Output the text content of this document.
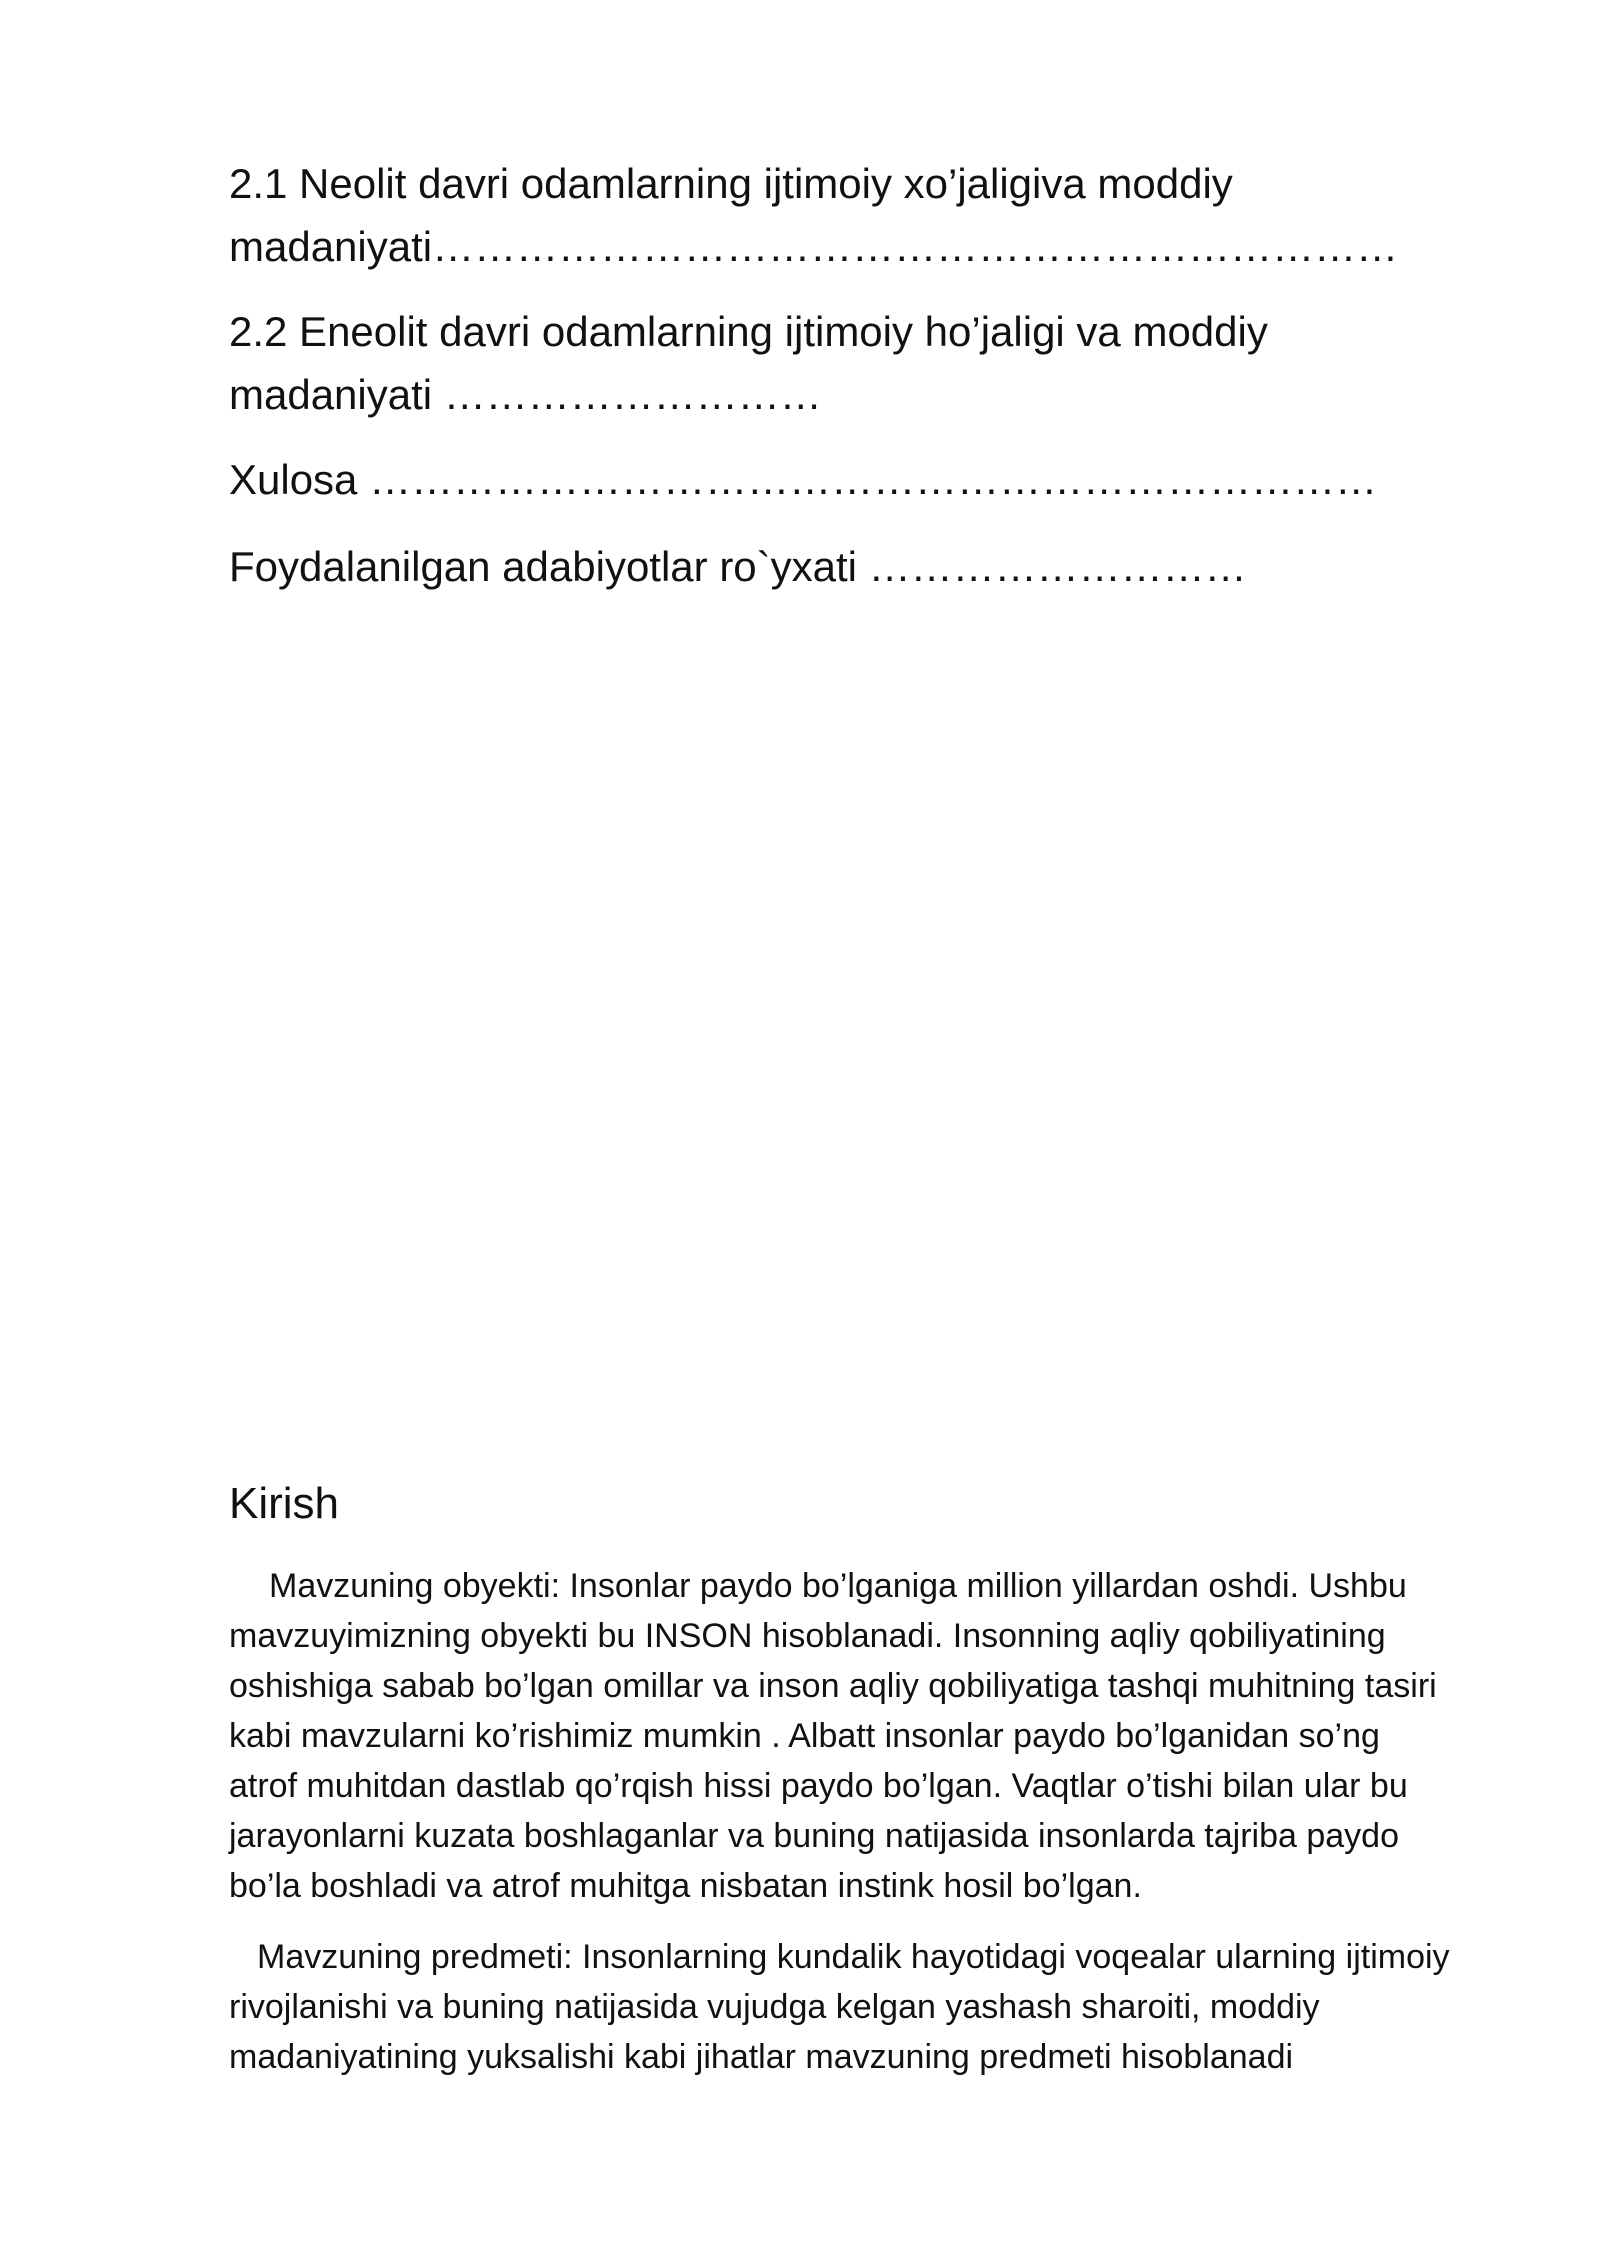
2.1 Neolit davri odamlarning ijtimoiy xo’jaligiva moddiy madaniyati……………………………………………………………

2.2 Eneolit davri odamlarning ijtimoiy ho’jaligi va moddiy madaniyati ………………………

Xulosa ………………………………………………………………

Foydalanilgan adabiyotlar ro`yxati ………………………

Kirish
Mavzuning obyekti: Insonlar paydo bo’lganiga million yillardan oshdi. Ushbu
mavzuyimizning obyekti bu INSON hisoblanadi. Insonning aqliy qobiliyatining
oshishiga sabab bo’lgan omillar va inson aqliy qobiliyatiga tashqi muhitning tasiri
kabi mavzularni ko’rishimiz mumkin . Albatt insonlar paydo bo’lganidan so’ng
atrof muhitdan dastlab qo’rqish hissi paydo bo’lgan. Vaqtlar o’tishi bilan ular bu
jarayonlarni kuzata boshlaganlar va buning natijasida insonlarda tajriba paydo
bo’la boshladi va atrof muhitga nisbatan instink hosil bo’lgan.
Mavzuning predmeti: Insonlarning kundalik hayotidagi voqealar ularning ijtimoiy
rivojlanishi va buning natijasida vujudga kelgan yashash sharoiti, moddiy
madaniyatining yuksalishi kabi jihatlar mavzuning predmeti hisoblanadi
